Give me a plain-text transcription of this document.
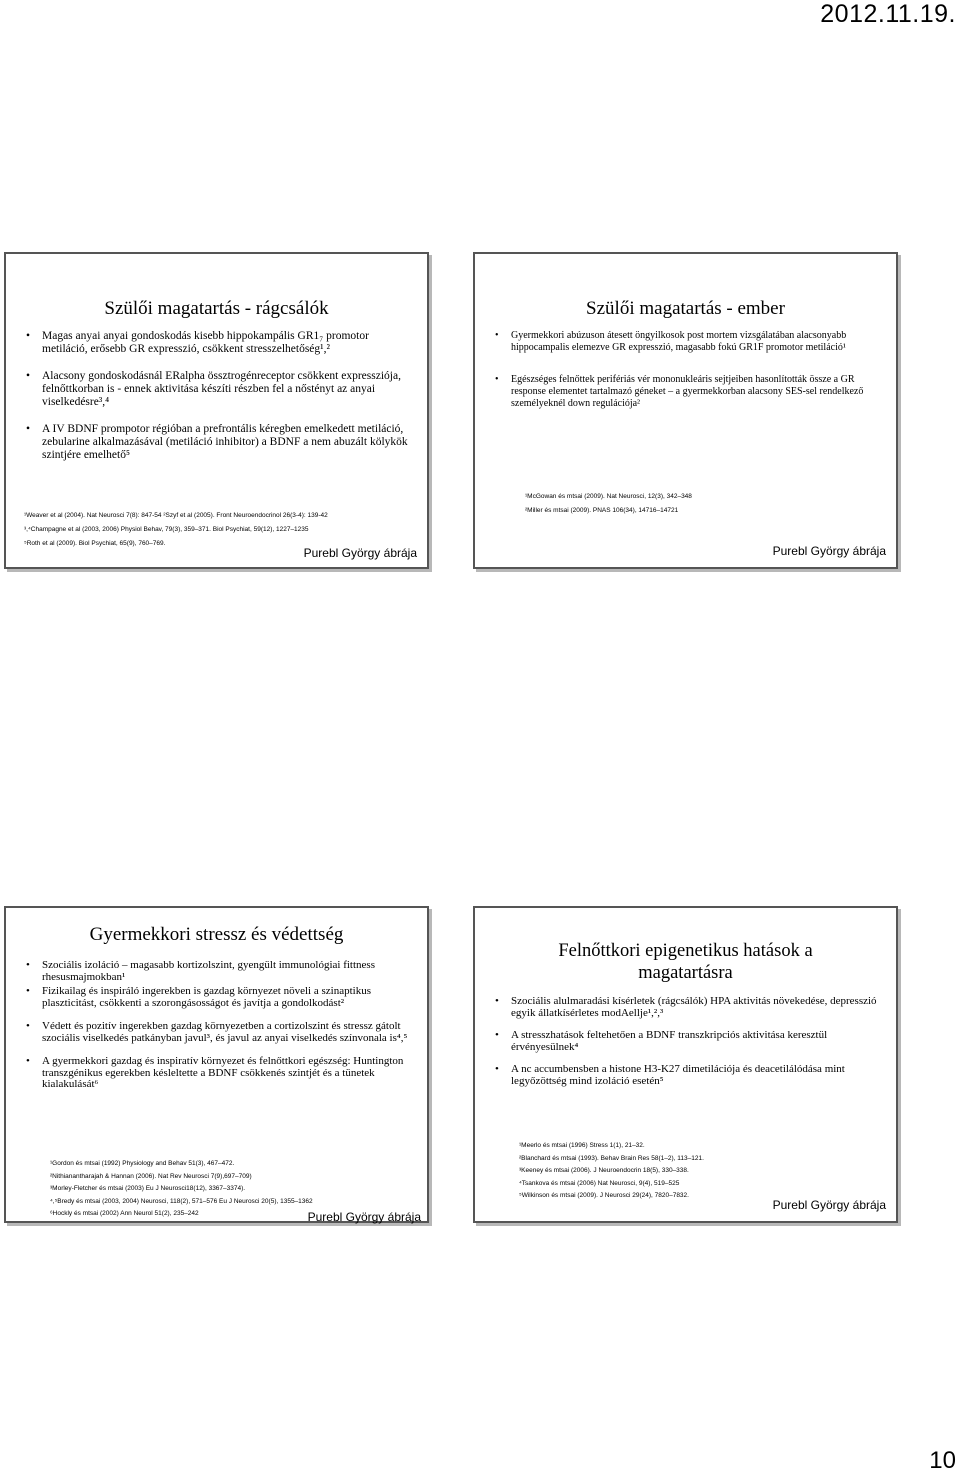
2012.11.19.
Szülői magatartás - rágcsálók
• Magas anyai anyai gondoskodás kisebb hippokampális GR1₇ promotor metiláció, erősebb GR expresszió, csökkent stresszelhetőség¹,²
• Alacsony gondoskodásnál ERalpha össztrogénreceptor csökkent expressziója, felnőttkorban is - ennek aktivitása készíti részben fel a nőstényt az anyai viselkedésre³,⁴
• A IV BDNF prompotor régióban a prefrontális kéregben emelkedett metiláció, zebularine alkalmazásával (metiláció inhibitor) a BDNF a nem abuzált kölykök szintjére emelhető⁵
¹Weaver et al (2004). Nat Neurosci 7(8): 847-54 ²Szyf et al (2005). Front Neuroendocrinol 26(3-4): 139-42
³,⁴Champagne et al (2003, 2006) Physiol Behav, 79(3), 359–371. Biol Psychiat, 59(12), 1227–1235
⁵Roth et al (2009). Biol Psychiat, 65(9), 760–769.
Purebl György ábrája
Szülői magatartás - ember
• Gyermekkori abúzuson átesett öngyilkosok post mortem vizsgálatában alacsonyabb hippocampalis elemezve GR expresszió, magasabb fokú GR1F promotor metiláció¹
• Egészséges felnőttek perifériás vér mononukleáris sejtjeiben hasonlították össze a GR response elementet tartalmazó géneket – a gyermekkorban alacsony SES-sel rendelkező személyeknél down regulációja²
¹McGowan és mtsai (2009). Nat Neurosci, 12(3), 342–348
²Miller és mtsai (2009). PNAS 106(34), 14716–14721
Purebl György ábrája
Gyermekkori stressz és védettség
• Szociális izoláció – magasabb kortizolszint, gyengült immunológiai fittness rhesusmajmokban¹
• Fizikailag és inspiráló ingerekben is gazdag környezet növeli a szinaptikus plaszticitást, csökkenti a szorongásosságot és javítja a gondolkodást²
• Védett és pozitív ingerekben gazdag környezetben a cortizolszint és stressz gátolt szociális viselkedés patkányban javul³, és javul az anyai viselkedés színvonala is⁴,⁵
• A gyermekkori gazdag és inspiratív környezet és felnőttkori egészség: Huntington transzgénikus egerekben késleltette a BDNF csökkenés szintjét és a tünetek kialakulását⁶
¹Gordon és mtsai (1992) Physiology and Behav 51(3), 467–472.
²Nithianantharajah & Hannan (2006). Nat Rev Neurosci 7(9),697–709)
³Morley-Fletcher és mtsai (2003) Eu J Neurosci18(12), 3367–3374).
⁴,⁵Bredy és mtsai (2003, 2004) Neurosci, 118(2), 571–576 Eu J Neurosci 20(5), 1355–1362
⁶Hockly és mtsai (2002) Ann Neurol 51(2), 235–242	Purebl György ábrája
Felnőttkori epigenetikus hatások a magatartásra
• Szociális alulmaradási kísérletek (rágcsálók) HPA aktivitás növekedése, depresszió egyik állatkísérletes modAellje¹,²,³
• A stresszhatások feltehetően a BDNF transzkripciós aktivitása keresztül érvényesülnek⁴
• A nc accumbensben a histone H3-K27 dimetilációja és deacetilálódása mint legyőzöttség mind izoláció esetén⁵
¹Meerlo és mtsai (1996) Stress 1(1), 21–32.
²Blanchard és mtsai (1993). Behav Brain Res 58(1–2), 113–121.
³Keeney és mtsai (2006). J Neuroendocrin 18(5), 330–338.
⁴Tsankova és mtsai (2006) Nat Neurosci, 9(4), 519–525
⁵Wilkinson és mtsai (2009). J Neurosci 29(24), 7820–7832.
Purebl György ábrája
10
